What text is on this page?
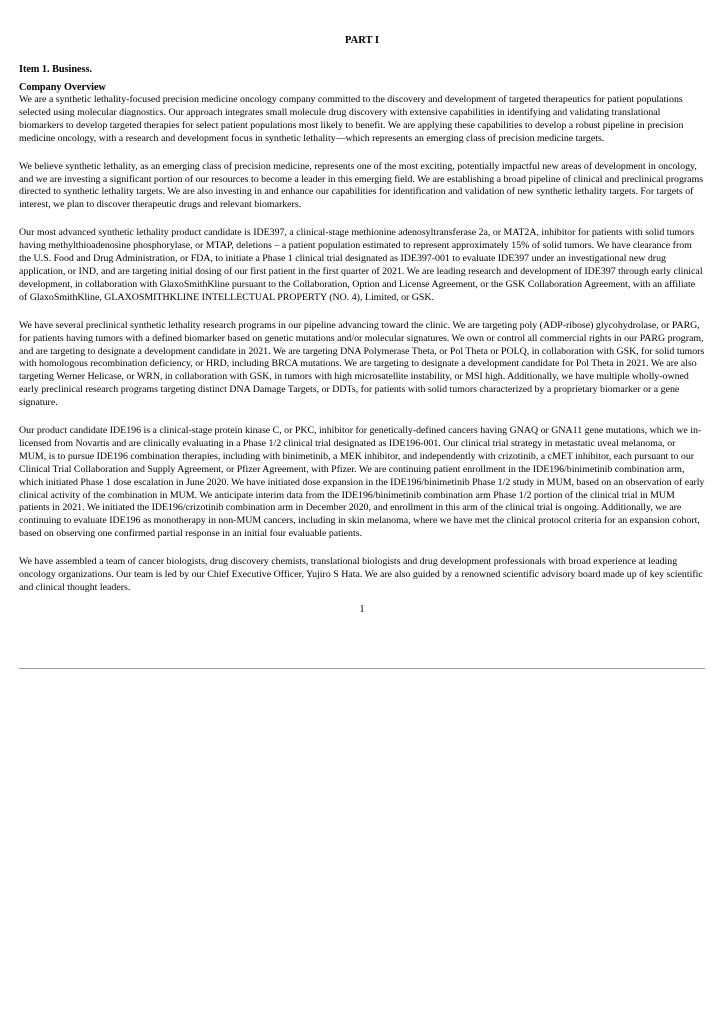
PART I
Item 1. Business.
Company Overview

We are a synthetic lethality-focused precision medicine oncology company committed to the discovery and development of targeted therapeutics for patient populations selected using molecular diagnostics. Our approach integrates small molecule drug discovery with extensive capabilities in identifying and validating translational biomarkers to develop targeted therapies for select patient populations most likely to benefit. We are applying these capabilities to develop a robust pipeline in precision medicine oncology, with a research and development focus in synthetic lethality—which represents an emerging class of precision medicine targets.

We believe synthetic lethality, as an emerging class of precision medicine, represents one of the most exciting, potentially impactful new areas of development in oncology, and we are investing a significant portion of our resources to become a leader in this emerging field. We are establishing a broad pipeline of clinical and preclinical programs directed to synthetic lethality targets. We are also investing in and enhance our capabilities for identification and validation of new synthetic lethality targets. For targets of interest, we plan to discover therapeutic drugs and relevant biomarkers.

Our most advanced synthetic lethality product candidate is IDE397, a clinical-stage methionine adenosyltransferase 2a, or MAT2A, inhibitor for patients with solid tumors having methylthioadenosine phosphorylase, or MTAP, deletions – a patient population estimated to represent approximately 15% of solid tumors. We have clearance from the U.S. Food and Drug Administration, or FDA, to initiate a Phase 1 clinical trial designated as IDE397-001 to evaluate IDE397 under an investigational new drug application, or IND, and are targeting initial dosing of our first patient in the first quarter of 2021. We are leading research and development of IDE397 through early clinical development, in collaboration with GlaxoSmithKline pursuant to the Collaboration, Option and License Agreement, or the GSK Collaboration Agreement, with an affiliate of GlaxoSmithKline, GLAXOSMITHKLINE INTELLECTUAL PROPERTY (NO. 4), Limited, or GSK.

We have several preclinical synthetic lethality research programs in our pipeline advancing toward the clinic. We are targeting poly (ADP-ribose) glycohydrolase, or PARG, for patients having tumors with a defined biomarker based on genetic mutations and/or molecular signatures. We own or control all commercial rights in our PARG program, and are targeting to designate a development candidate in 2021. We are targeting DNA Polymerase Theta, or Pol Theta or POLQ, in collaboration with GSK, for solid tumors with homologous recombination deficiency, or HRD, including BRCA mutations. We are targeting to designate a development candidate for Pol Theta in 2021. We are also targeting Werner Helicase, or WRN, in collaboration with GSK, in tumors with high microsatellite instability, or MSI high. Additionally, we have multiple wholly-owned early preclinical research programs targeting distinct DNA Damage Targets, or DDTs, for patients with solid tumors characterized by a proprietary biomarker or a gene signature.

Our product candidate IDE196 is a clinical-stage protein kinase C, or PKC, inhibitor for genetically-defined cancers having GNAQ or GNA11 gene mutations, which we in-licensed from Novartis and are clinically evaluating in a Phase 1/2 clinical trial designated as IDE196-001. Our clinical trial strategy in metastatic uveal melanoma, or MUM, is to pursue IDE196 combination therapies, including with binimetinib, a MEK inhibitor, and independently with crizotinib, a cMET inhibitor, each pursuant to our Clinical Trial Collaboration and Supply Agreement, or Pfizer Agreement, with Pfizer. We are continuing patient enrollment in the IDE196/binimetinib combination arm, which initiated Phase 1 dose escalation in June 2020. We have initiated dose expansion in the IDE196/binimetinib Phase 1/2 study in MUM, based on an observation of early clinical activity of the combination in MUM. We anticipate interim data from the IDE196/binimetinib combination arm Phase 1/2 portion of the clinical trial in MUM patients in 2021. We initiated the IDE196/crizotinib combination arm in December 2020, and enrollment in this arm of the clinical trial is ongoing. Additionally, we are continuing to evaluate IDE196 as monotherapy in non-MUM cancers, including in skin melanoma, where we have met the clinical protocol criteria for an expansion cohort, based on observing one confirmed partial response in an initial four evaluable patients.

We have assembled a team of cancer biologists, drug discovery chemists, translational biologists and drug development professionals with broad experience at leading oncology organizations. Our team is led by our Chief Executive Officer, Yujiro S Hata. We are also guided by a renowned scientific advisory board made up of key scientific and clinical thought leaders.

1
